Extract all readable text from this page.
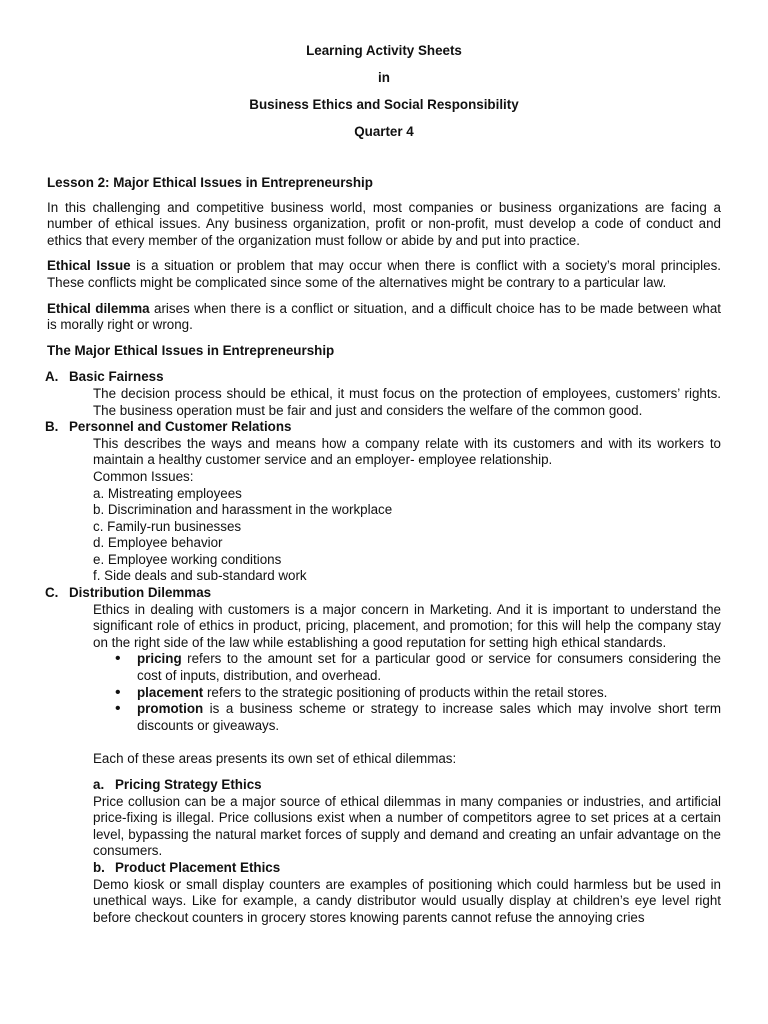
Learning Activity Sheets
in
Business Ethics and Social Responsibility
Quarter 4

Lesson 2: Major Ethical Issues in Entrepreneurship

In this challenging and competitive business world, most companies or business organizations are facing a number of ethical issues. Any business organization, profit or non-profit, must develop a code of conduct and ethics that every member of the organization must follow or abide by and put into practice.

Ethical Issue is a situation or problem that may occur when there is conflict with a society’s moral principles. These conflicts might be complicated since some of the alternatives might be contrary to a particular law.

Ethical dilemma arises when there is a conflict or situation, and a difficult choice has to be made between what is morally right or wrong.

The Major Ethical Issues in Entrepreneurship

A. Basic Fairness

The decision process should be ethical, it must focus on the protection of employees, customers’ rights. The business operation must be fair and just and considers the welfare of the common good.

B. Personnel and Customer Relations

This describes the ways and means how a company relate with its customers and with its workers to maintain a healthy customer service and an employer- employee relationship.

Common Issues:
a. Mistreating employees
b. Discrimination and harassment in the workplace
c. Family-run businesses
d. Employee behavior
e. Employee working conditions
f. Side deals and sub-standard work
C. Distribution Dilemmas

Ethics in dealing with customers is a major concern in Marketing. And it is important to understand the significant role of ethics in product, pricing, placement, and promotion; for this will help the company stay on the right side of the law while establishing a good reputation for setting high ethical standards.

• pricing refers to the amount set for a particular good or service for consumers considering the cost of inputs, distribution, and overhead.
• placement refers to the strategic positioning of products within the retail stores.
• promotion is a business scheme or strategy to increase sales which may involve short term discounts or giveaways.
Each of these areas presents its own set of ethical dilemmas:
a. Pricing Strategy Ethics

Price collusion can be a major source of ethical dilemmas in many companies or industries, and artificial price-fixing is illegal. Price collusions exist when a number of competitors agree to set prices at a certain level, bypassing the natural market forces of supply and demand and creating an unfair advantage on the consumers.

b. Product Placement Ethics

Demo kiosk or small display counters are examples of positioning which could harmless but be used in unethical ways. Like for example, a candy distributor would usually display at children’s eye level right before checkout counters in grocery stores knowing parents cannot refuse the annoying cries
